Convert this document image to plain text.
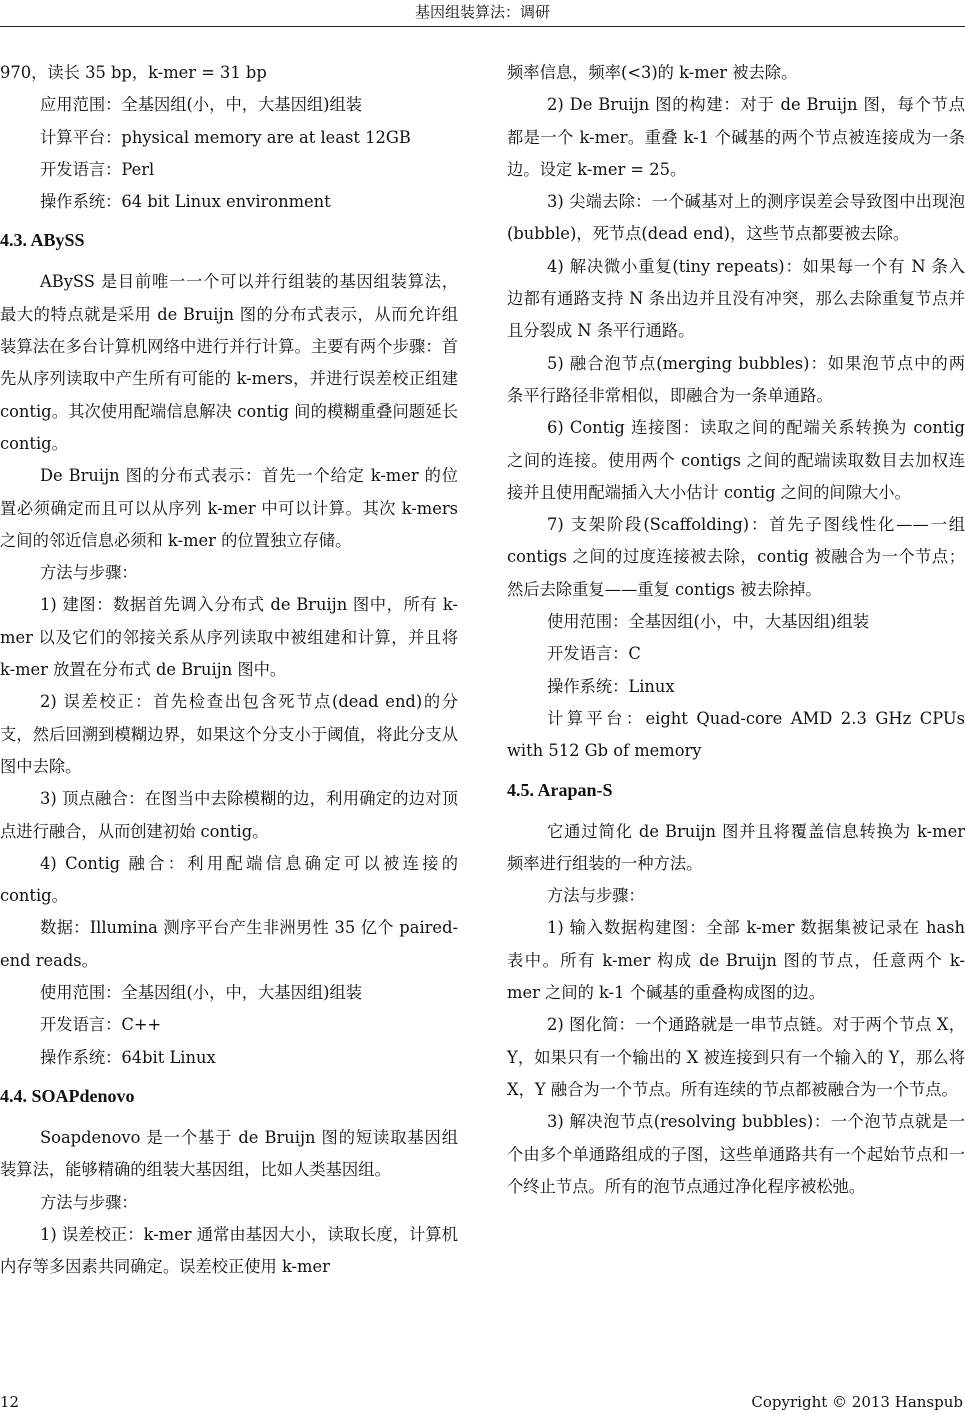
基因组装算法：调研

970，读长 35 bp，k-mer = 31 bp

应用范围：全基因组(小，中，大基因组)组装

计算平台：physical memory are at least 12GB

开发语言：Perl

操作系统：64 bit Linux environment

4.3. ABySS

ABySS 是目前唯一一个可以并行组装的基因组装算法，最大的特点就是采用 de Bruijn 图的分布式表示，从而允许组装算法在多台计算机网络中进行并行计算。主要有两个步骤：首先从序列读取中产生所有可能的 k-mers，并进行误差校正组建 contig。其次使用配端信息解决 contig 间的模糊重叠问题延长 contig。

De Bruijn 图的分布式表示：首先一个给定 k-mer 的位置必须确定而且可以从序列 k-mer 中可以计算。其次 k-mers 之间的邻近信息必须和 k-mer 的位置独立存储。

方法与步骤：

1) 建图：数据首先调入分布式 de Bruijn 图中，所有 k-mer 以及它们的邻接关系从序列读取中被组建和计算，并且将 k-mer 放置在分布式 de Bruijn 图中。

2) 误差校正：首先检查出包含死节点(dead end)的分支，然后回溯到模糊边界，如果这个分支小于阈值，将此分支从图中去除。

3) 顶点融合：在图当中去除模糊的边，利用确定的边对顶点进行融合，从而创建初始 contig。

4) Contig 融合：利用配端信息确定可以被连接的 contig。

数据：Illumina 测序平台产生非洲男性 35 亿个 paired-end reads。

使用范围：全基因组(小，中，大基因组)组装

开发语言：C++

操作系统：64bit Linux

4.4. SOAPdenovo

Soapdenovo 是一个基于 de Bruijn 图的短读取基因组装算法，能够精确的组装大基因组，比如人类基因组。

方法与步骤：

1) 误差校正：k-mer 通常由基因大小，读取长度，计算机内存等多因素共同确定。误差校正使用 k-mer

频率信息，频率(<3)的 k-mer 被去除。

2) De Bruijn 图的构建：对于 de Bruijn 图，每个节点都是一个 k-mer。重叠 k-1 个碱基的两个节点被连接成为一条边。设定 k-mer = 25。

3) 尖端去除：一个碱基对上的测序误差会导致图中出现泡(bubble)，死节点(dead end)，这些节点都要被去除。

4) 解决微小重复(tiny repeats)：如果每一个有 N 条入边都有通路支持 N 条出边并且没有冲突，那么去除重复节点并且分裂成 N 条平行通路。

5) 融合泡节点(merging bubbles)：如果泡节点中的两条平行路径非常相似，即融合为一条单通路。

6) Contig 连接图：读取之间的配端关系转换为 contig 之间的连接。使用两个 contigs 之间的配端读取数目去加权连接并且使用配端插入大小估计 contig 之间的间隙大小。

7) 支架阶段(Scaffolding)：首先子图线性化——一组 contigs 之间的过度连接被去除，contig 被融合为一个节点；然后去除重复——重复 contigs 被去除掉。

使用范围：全基因组(小，中，大基因组)组装

开发语言：C

操作系统：Linux

计算平台：eight Quad-core AMD 2.3 GHz CPUs with 512 Gb of memory

4.5. Arapan-S

它通过简化 de Bruijn 图并且将覆盖信息转换为 k-mer 频率进行组装的一种方法。

方法与步骤：

1) 输入数据构建图：全部 k-mer 数据集被记录在 hash 表中。所有 k-mer 构成 de Bruijn 图的节点，任意两个 k-mer 之间的 k-1 个碱基的重叠构成图的边。

2) 图化简：一个通路就是一串节点链。对于两个节点 X，Y，如果只有一个输出的 X 被连接到只有一个输入的 Y，那么将 X，Y 融合为一个节点。所有连续的节点都被融合为一个节点。

3) 解决泡节点(resolving bubbles)：一个泡节点就是一个由多个单通路组成的子图，这些单通路共有一个起始节点和一个终止节点。所有的泡节点通过净化程序被松弛。

12	Copyright © 2013 Hanspub
